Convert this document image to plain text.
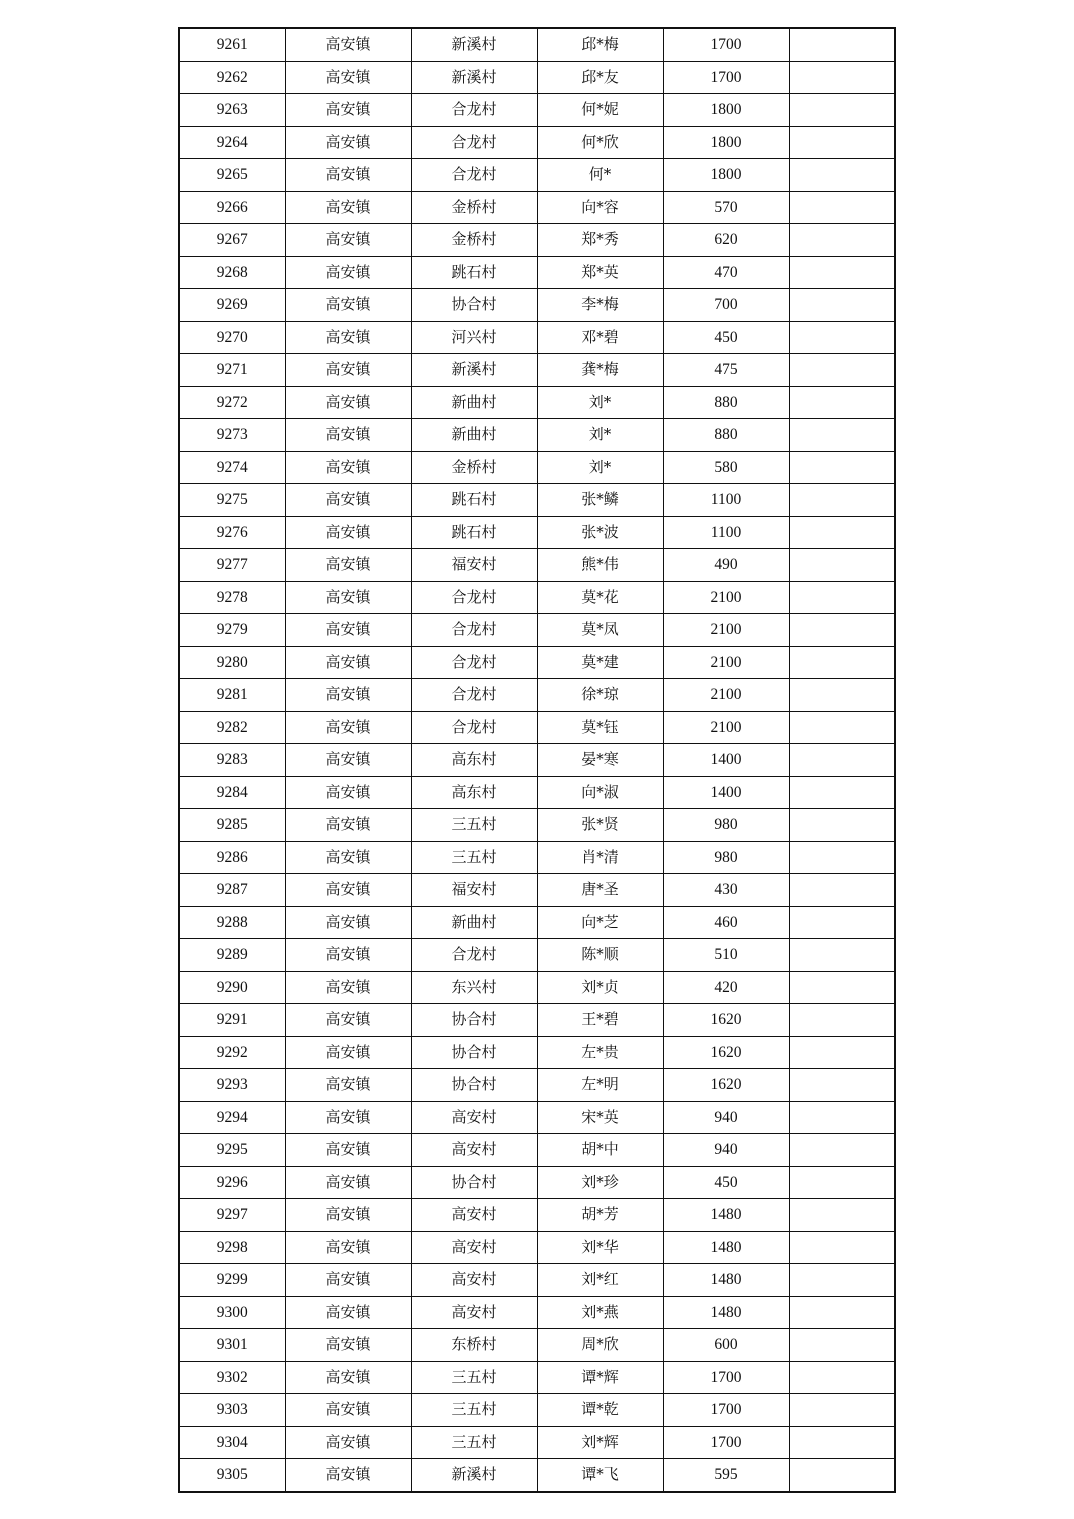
9261	高安镇	新溪村	邱*梅	1700	
9262	高安镇	新溪村	邱*友	1700	
9263	高安镇	合龙村	何*妮	1800	
9264	高安镇	合龙村	何*欣	1800	
9265	高安镇	合龙村	何*	1800	
9266	高安镇	金桥村	向*容	570	
9267	高安镇	金桥村	郑*秀	620	
9268	高安镇	跳石村	郑*英	470	
9269	高安镇	协合村	李*梅	700	
9270	高安镇	河兴村	邓*碧	450	
9271	高安镇	新溪村	龚*梅	475	
9272	高安镇	新曲村	刘*	880	
9273	高安镇	新曲村	刘*	880	
9274	高安镇	金桥村	刘*	580	
9275	高安镇	跳石村	张*鳞	1100	
9276	高安镇	跳石村	张*波	1100	
9277	高安镇	福安村	熊*伟	490	
9278	高安镇	合龙村	莫*花	2100	
9279	高安镇	合龙村	莫*凤	2100	
9280	高安镇	合龙村	莫*建	2100	
9281	高安镇	合龙村	徐*琼	2100	
9282	高安镇	合龙村	莫*钰	2100	
9283	高安镇	高东村	晏*寒	1400	
9284	高安镇	高东村	向*淑	1400	
9285	高安镇	三五村	张*贤	980	
9286	高安镇	三五村	肖*清	980	
9287	高安镇	福安村	唐*圣	430	
9288	高安镇	新曲村	向*芝	460	
9289	高安镇	合龙村	陈*顺	510	
9290	高安镇	东兴村	刘*贞	420	
9291	高安镇	协合村	王*碧	1620	
9292	高安镇	协合村	左*贵	1620	
9293	高安镇	协合村	左*明	1620	
9294	高安镇	高安村	宋*英	940	
9295	高安镇	高安村	胡*中	940	
9296	高安镇	协合村	刘*珍	450	
9297	高安镇	高安村	胡*芳	1480	
9298	高安镇	高安村	刘*华	1480	
9299	高安镇	高安村	刘*红	1480	
9300	高安镇	高安村	刘*燕	1480	
9301	高安镇	东桥村	周*欣	600	
9302	高安镇	三五村	谭*辉	1700	
9303	高安镇	三五村	谭*乾	1700	
9304	高安镇	三五村	刘*辉	1700	
9305	高安镇	新溪村	谭*飞	595	
